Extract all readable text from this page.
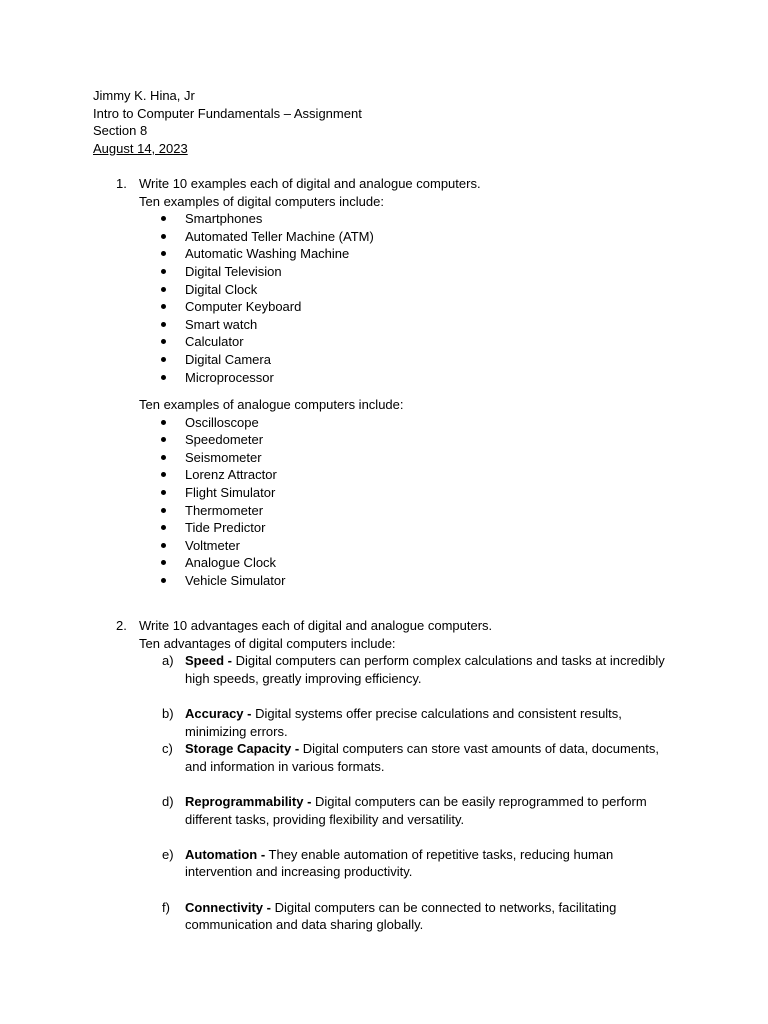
Jimmy K. Hina, Jr
Intro to Computer Fundamentals – Assignment
Section 8
August 14, 2023
1. Write 10 examples each of digital and analogue computers.
Ten examples of digital computers include:
Smartphones
Automated Teller Machine (ATM)
Automatic Washing Machine
Digital Television
Digital Clock
Computer Keyboard
Smart watch
Calculator
Digital Camera
Microprocessor
Ten examples of analogue computers include:
Oscilloscope
Speedometer
Seismometer
Lorenz Attractor
Flight Simulator
Thermometer
Tide Predictor
Voltmeter
Analogue Clock
Vehicle Simulator
2. Write 10 advantages each of digital and analogue computers.
Ten advantages of digital computers include:
a) Speed - Digital computers can perform complex calculations and tasks at incredibly high speeds, greatly improving efficiency.
b) Accuracy - Digital systems offer precise calculations and consistent results, minimizing errors.
c) Storage Capacity - Digital computers can store vast amounts of data, documents, and information in various formats.
d) Reprogrammability - Digital computers can be easily reprogrammed to perform different tasks, providing flexibility and versatility.
e) Automation - They enable automation of repetitive tasks, reducing human intervention and increasing productivity.
f) Connectivity - Digital computers can be connected to networks, facilitating communication and data sharing globally.
